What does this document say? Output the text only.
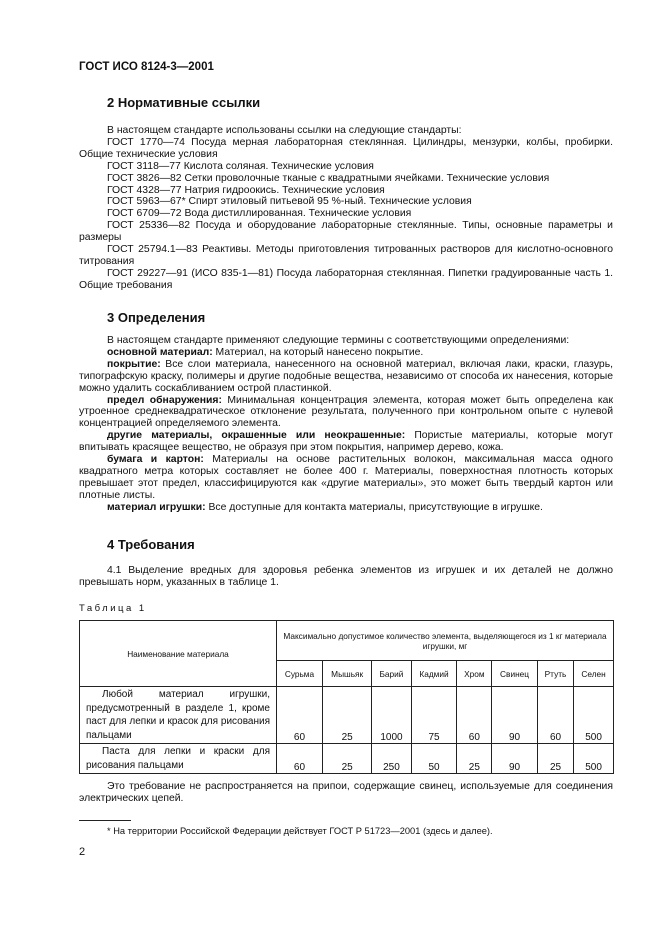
ГОСТ ИСО 8124-3—2001
2 Нормативные ссылки

В настоящем стандарте использованы ссылки на следующие стандарты:

ГОСТ 1770—74 Посуда мерная лабораторная стеклянная. Цилиндры, мензурки, колбы, пробирки. Общие технические условия

ГОСТ 3118—77 Кислота соляная. Технические условия

ГОСТ 3826—82 Сетки проволочные тканые с квадратными ячейками. Технические условия

ГОСТ 4328—77 Натрия гидроокись. Технические условия

ГОСТ 5963—67* Спирт этиловый питьевой 95 %-ный. Технические условия

ГОСТ 6709—72 Вода дистиллированная. Технические условия

ГОСТ 25336—82 Посуда и оборудование лабораторные стеклянные. Типы, основные параметры и размеры

ГОСТ 25794.1—83 Реактивы. Методы приготовления титрованных растворов для кислотно-основного титрования

ГОСТ 29227—91 (ИСО 835-1—81) Посуда лабораторная стеклянная. Пипетки градуированные часть 1. Общие требования

3 Определения

В настоящем стандарте применяют следующие термины с соответствующими определениями:

основной материал: Материал, на который нанесено покрытие.

покрытие: Все слои материала, нанесенного на основной материал, включая лаки, краски, глазурь, типографскую краску, полимеры и другие подобные вещества, независимо от способа их нанесения, которые можно удалить соскабливанием острой пластинкой.

предел обнаружения: Минимальная концентрация элемента, которая может быть определена как утроенное среднеквадратическое отклонение результата, полученного при контрольном опыте с нулевой концентрацией определяемого элемента.

другие материалы, окрашенные или неокрашенные: Пористые материалы, которые могут впитывать красящее вещество, не образуя при этом покрытия, например дерево, кожа.

бумага и картон: Материалы на основе растительных волокон, максимальная масса одного квадратного метра которых составляет не более 400 г. Материалы, поверхностная плотность которых превышает этот предел, классифицируются как «другие материалы», это может быть твердый картон или плотные листы.

материал игрушки: Все доступные для контакта материалы, присутствующие в игрушке.

4 Требования

4.1 Выделение вредных для здоровья ребенка элементов из игрушек и их деталей не должно превышать норм, указанных в таблице 1.

Таблица 1
Наименование материала	Максимально допустимое количество элемента, выделяющегося из 1 кг материала игрушки, мг							
	Сурьма	Мышьяк	Барий	Кадмий	Хром	Свинец	Ртуть	Селен
Любой материал игрушки, предусмотренный в разделе 1, кроме паст для лепки и красок для рисования пальцами	60	25	1000	75	60	90	60	500
Паста для лепки и краски для рисования пальцами	60	25	250	50	25	90	25	500

Это требование не распространяется на припои, содержащие свинец, используемые для соединения электрических цепей.

* На территории Российской Федерации действует ГОСТ Р 51723—2001 (здесь и далее).
2
